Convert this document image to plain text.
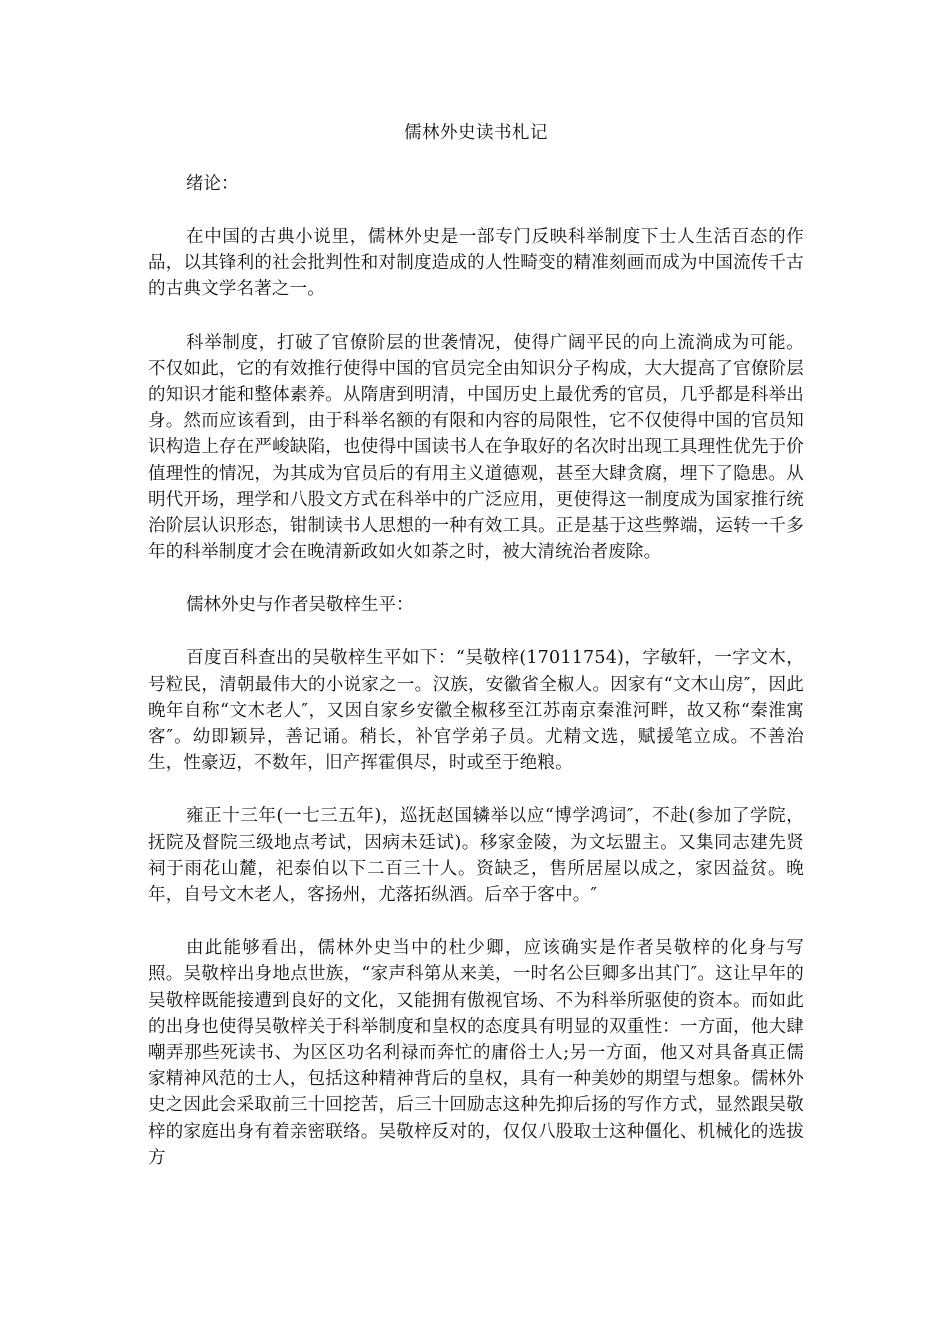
儒林外史读书札记
绪论：
在中国的古典小说里，儒林外史是一部专门反映科举制度下士人生活百态的作品，以其锋利的社会批判性和对制度造成的人性畸变的精准刻画而成为中国流传千古的古典文学名著之一。
科举制度，打破了官僚阶层的世袭情况，使得广阔平民的向上流淌成为可能。不仅如此，它的有效推行使得中国的官员完全由知识分子构成，大大提高了官僚阶层的知识才能和整体素养。从隋唐到明清，中国历史上最优秀的官员，几乎都是科举出身。然而应该看到，由于科举名额的有限和内容的局限性，它不仅使得中国的官员知识构造上存在严峻缺陷，也使得中国读书人在争取好的名次时出现工具理性优先于价值理性的情况，为其成为官员后的有用主义道德观，甚至大肆贪腐，埋下了隐患。从明代开场，理学和八股文方式在科举中的广泛应用，更使得这一制度成为国家推行统治阶层认识形态，钳制读书人思想的一种有效工具。正是基于这些弊端，运转一千多年的科举制度才会在晚清新政如火如荼之时，被大清统治者废除。
儒林外史与作者吴敬梓生平：
百度百科查出的吴敬梓生平如下：“吴敬梓(17011754)，字敏轩，一字文木，号粒民，清朝最伟大的小说家之一。汉族，安徽省全椒人。因家有“文木山房″，因此晚年自称“文木老人″，又因自家乡安徽全椒移至江苏南京秦淮河畔，故又称“秦淮寓客″。幼即颖异，善记诵。稍长，补官学弟子员。尤精文选，赋援笔立成。不善治生，性豪迈，不数年，旧产挥霍俱尽，时或至于绝粮。
雍正十三年(一七三五年)，巡抚赵国辚举以应“博学鸿词″，不赴(参加了学院，抚院及督院三级地点考试，因病未廷试)。移家金陵，为文坛盟主。又集同志建先贤祠于雨花山麓，祀泰伯以下二百三十人。资缺乏，售所居屋以成之，家因益贫。晚年，自号文木老人，客扬州，尤落拓纵酒。后卒于客中。″
由此能够看出，儒林外史当中的杜少卿，应该确实是作者吴敬梓的化身与写照。吴敬梓出身地点世族，“家声科第从来美，一时名公巨卿多出其门″。这让早年的吴敬梓既能接遭到良好的文化，又能拥有傲视官场、不为科举所驱使的资本。而如此的出身也使得吴敬梓关于科举制度和皇权的态度具有明显的双重性：一方面，他大肆嘲弄那些死读书、为区区功名利禄而奔忙的庸俗士人;另一方面，他又对具备真正儒家精神风范的士人，包括这种精神背后的皇权，具有一种美妙的期望与想象。儒林外史之因此会采取前三十回挖苦，后三十回励志这种先抑后扬的写作方式，显然跟吴敬梓的家庭出身有着亲密联络。吴敬梓反对的，仅仅八股取士这种僵化、机械化的选拔方
